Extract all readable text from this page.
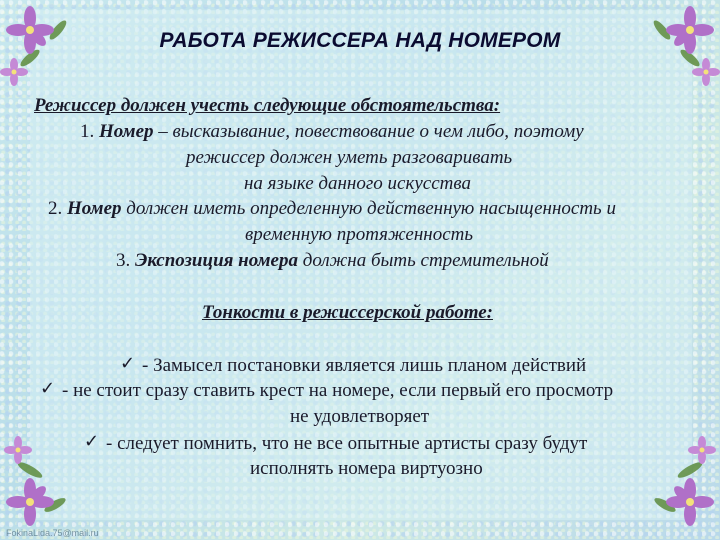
РАБОТА РЕЖИССЕРА НАД НОМЕРОМ
Режиссер должен учесть следующие обстоятельства:
1. Номер – высказывание, повествование о чем либо, поэтому
режиссер должен уметь разговаривать
на языке данного искусства
2. Номер должен иметь определенную действенную насыщенность и
временную протяженность
3. Экспозиция номера должна быть стремительной
Тонкости в режиссерской работе:
✓ - Замысел постановки является лишь планом действий
✓ - не стоит сразу ставить крест на номере, если первый его просмотр
не удовлетворяет
✓ - следует помнить, что не все опытные артисты сразу будут
исполнять номера виртуозно
FokinaLida.75@mail.ru
